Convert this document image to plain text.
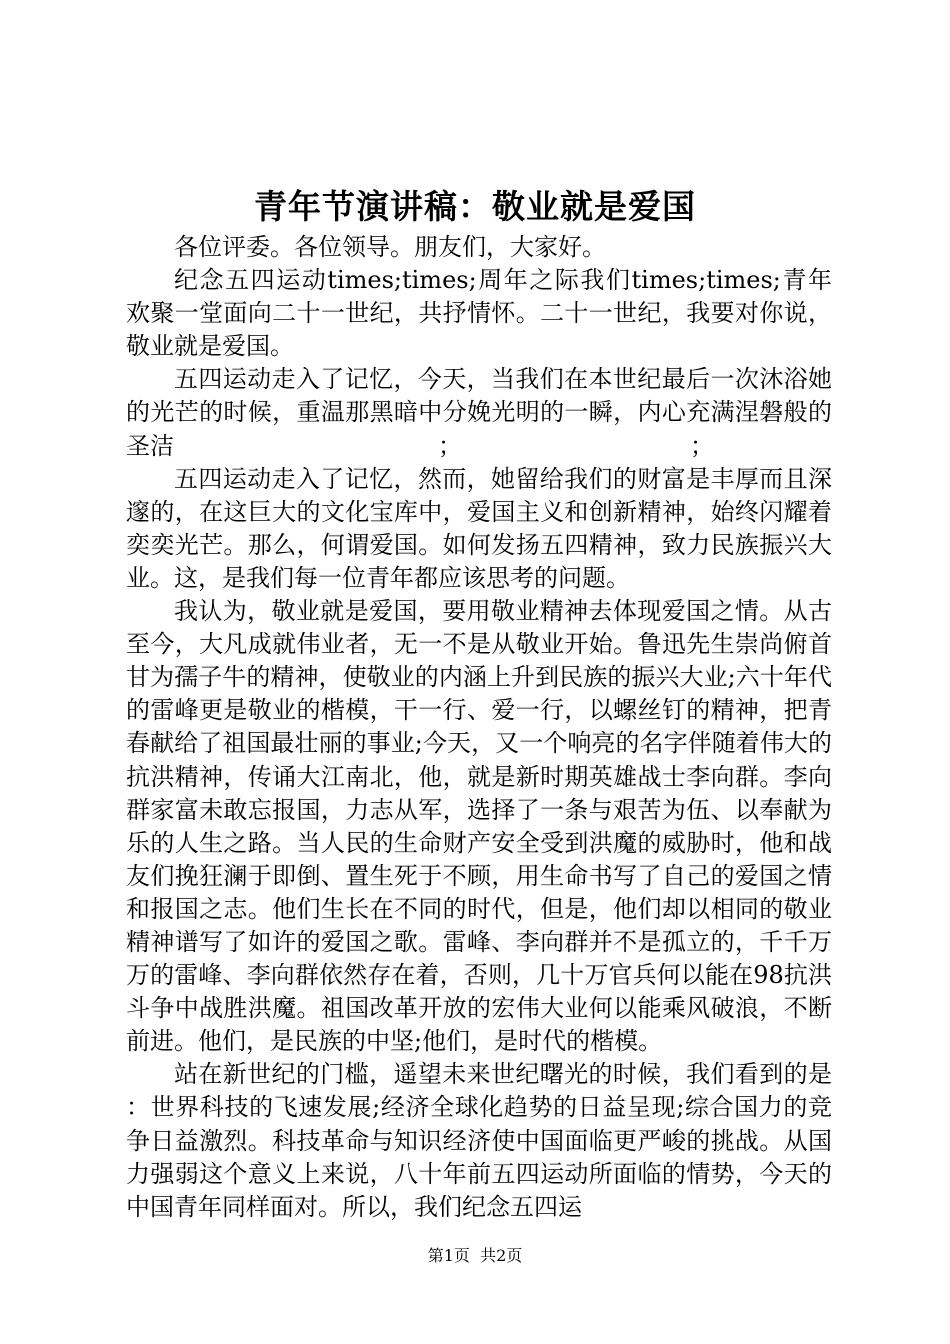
青年节演讲稿：敬业就是爱国

各位评委。各位领导。朋友们，大家好。

纪念五四运动times;times;周年之际我们times;times;青年欢聚一堂面向二十一世纪，共抒情怀。二十一世纪，我要对你说，敬业就是爱国。

五四运动走入了记忆，今天，当我们在本世纪最后一次沐浴她的光芒的时候，重温那黑暗中分娩光明的一瞬，内心充满涅磐般的圣洁　　　　　　　　　　　；　　　　　　　　　　；

五四运动走入了记忆，然而，她留给我们的财富是丰厚而且深邃的，在这巨大的文化宝库中，爱国主义和创新精神，始终闪耀着奕奕光芒。那么，何谓爱国。如何发扬五四精神，致力民族振兴大业。这，是我们每一位青年都应该思考的问题。

我认为，敬业就是爱国，要用敬业精神去体现爱国之情。从古至今，大凡成就伟业者，无一不是从敬业开始。鲁迅先生崇尚俯首甘为孺子牛的精神，使敬业的内涵上升到民族的振兴大业;六十年代的雷峰更是敬业的楷模，干一行、爱一行，以螺丝钉的精神，把青春献给了祖国最壮丽的事业;今天，又一个响亮的名字伴随着伟大的抗洪精神，传诵大江南北，他，就是新时期英雄战士李向群。李向群家富未敢忘报国，力志从军，选择了一条与艰苦为伍、以奉献为乐的人生之路。当人民的生命财产安全受到洪魔的威胁时，他和战友们挽狂澜于即倒、置生死于不顾，用生命书写了自己的爱国之情和报国之志。他们生长在不同的时代，但是，他们却以相同的敬业精神谱写了如许的爱国之歌。雷峰、李向群并不是孤立的，千千万万的雷峰、李向群依然存在着，否则，几十万官兵何以能在98抗洪斗争中战胜洪魔。祖国改革开放的宏伟大业何以能乘风破浪，不断前进。他们，是民族的中坚;他们，是时代的楷模。

站在新世纪的门槛，遥望未来世纪曙光的时候，我们看到的是：世界科技的飞速发展;经济全球化趋势的日益呈现;综合国力的竞争日益激烈。科技革命与知识经济使中国面临更严峻的挑战。从国力强弱这个意义上来说，八十年前五四运动所面临的情势，今天的中国青年同样面对。所以，我们纪念五四运

第1页 共2页
